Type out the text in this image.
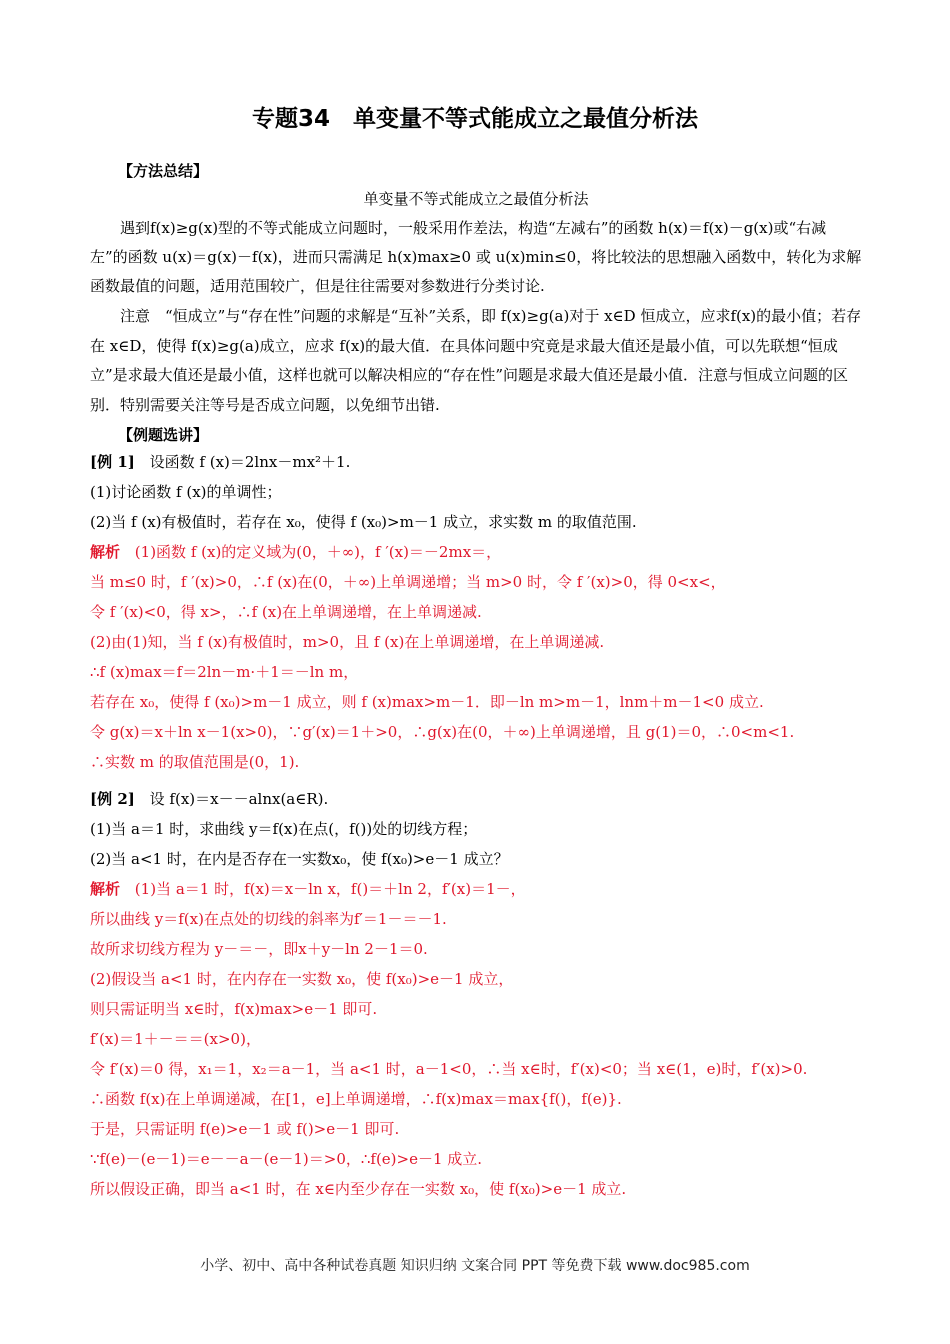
专题34　单变量不等式能成立之最值分析法
【方法总结】
单变量不等式能成立之最值分析法

遇到f(x)≥g(x)型的不等式能成立问题时，一般采用作差法，构造“左减右”的函数 h(x)＝f(x)－g(x)或“右减左”的函数 u(x)＝g(x)－f(x)，进而只需满足 h(x)max≥0 或 u(x)min≤0，将比较法的思想融入函数中，转化为求解函数最值的问题，适用范围较广，但是往往需要对参数进行分类讨论.

注意　“恒成立”与“存在性”问题的求解是“互补”关系，即 f(x)≥g(a)对于 x∈D 恒成立，应求f(x)的最小值；若存在 x∈D，使得 f(x)≥g(a)成立，应求 f(x)的最大值．在具体问题中究竟是求最大值还是最小值，可以先联想“恒成立”是求最大值还是最小值，这样也就可以解决相应的“存在性”问题是求最大值还是最小值．注意与恒成立问题的区别．特别需要关注等号是否成立问题，以免细节出错.

【例题选讲】
[例 1] 设函数 f (x)＝2lnx－mx²＋1.
(1)讨论函数 f (x)的单调性；
(2)当 f (x)有极值时，若存在 x₀，使得 f (x₀)>m－1 成立，求实数 m 的取值范围.
解析 (1)函数 f (x)的定义域为(0，＋∞)，f ′(x)＝－2mx＝，
当 m≤0 时，f ′(x)>0，∴f (x)在(0，＋∞)上单调递增；当 m>0 时，令 f ′(x)>0，得 0<x<，
令 f ′(x)<0，得 x>，∴f (x)在上单调递增，在上单调递减.
(2)由(1)知，当 f (x)有极值时，m>0，且 f (x)在上单调递增，在上单调递减.
∴f (x)max＝f＝2ln－m·＋1＝－ln m，
若存在 x₀，使得 f (x₀)>m－1 成立，则 f (x)max>m－1．即－ln m>m－1，lnm＋m－1<0 成立.
令 g(x)＝x＋ln x－1(x>0)，∵g′(x)＝1＋>0，∴g(x)在(0，＋∞)上单调递增，且 g(1)＝0，∴0<m<1.
∴实数 m 的取值范围是(0，1).
[例 2] 设 f(x)＝x－－alnx(a∈R).
(1)当 a＝1 时，求曲线 y＝f(x)在点(，f())处的切线方程；
(2)当 a<1 时，在内是否存在一实数x₀，使 f(x₀)>e－1 成立？
解析 (1)当 a＝1 时，f(x)＝x－ln x，f()＝＋ln 2，f′(x)＝1－，
所以曲线 y＝f(x)在点处的切线的斜率为f′＝1－＝－1.
故所求切线方程为 y－＝－，即x＋y－ln 2－1＝0.
(2)假设当 a<1 时，在内存在一实数 x₀，使 f(x₀)>e－1 成立，
则只需证明当 x∈时，f(x)max>e－1 即可.
f′(x)＝1＋－＝＝(x>0)，
令 f′(x)＝0 得，x₁＝1，x₂＝a－1，当 a<1 时，a－1<0，∴当 x∈时，f′(x)<0；当 x∈(1，e)时，f′(x)>0.
∴函数 f(x)在上单调递减，在[1，e]上单调递增，∴f(x)max＝max{f()，f(e)}.
于是，只需证明 f(e)>e－1 或 f()>e－1 即可.
∵f(e)－(e－1)＝e－－a－(e－1)＝>0，∴f(e)>e－1 成立.
所以假设正确，即当 a<1 时，在 x∈内至少存在一实数 x₀，使 f(x₀)>e－1 成立.
小学、初中、高中各种试卷真题 知识归纳 文案合同 PPT 等免费下载 www.doc985.com
